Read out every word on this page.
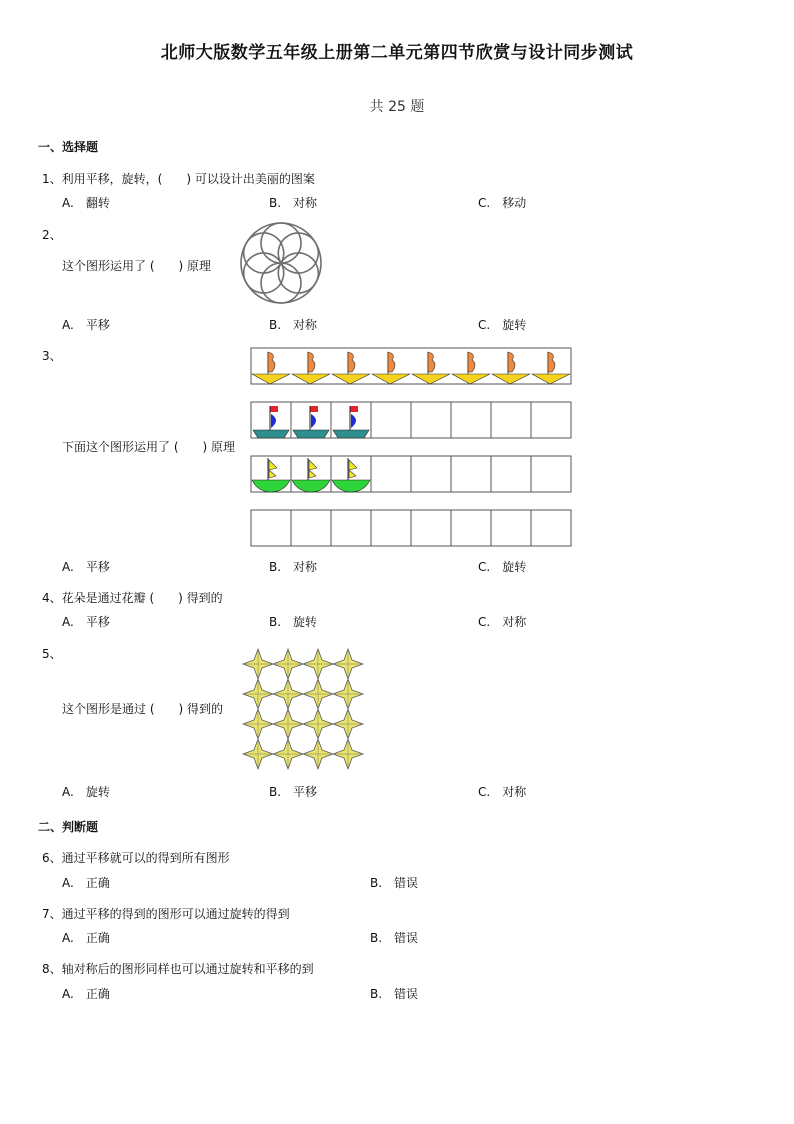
北师大版数学五年级上册第二单元第四节欣赏与设计同步测试
共 25 题
一、选择题
1、利用平移，旋转，(　　) 可以设计出美丽的图案
A.　翻转	B.　对称	C.　移动
2、
这个图形运用了 (　　) 原理
A.　平移	B.　对称	C.　旋转
3、
下面这个图形运用了 (　　) 原理
A.　平移	B.　对称	C.　旋转
4、花朵是通过花瓣 (　　) 得到的
A.　平移	B.　旋转	C.　对称
5、
这个图形是通过 (　　) 得到的
A.　旋转	B.　平移	C.　对称
二、判断题
6、通过平移就可以的得到所有图形
A.　正确	B.　错误
7、通过平移的得到的图形可以通过旋转的得到
A.　正确	B.　错误
8、轴对称后的图形同样也可以通过旋转和平移的到
A.　正确	B.　错误
